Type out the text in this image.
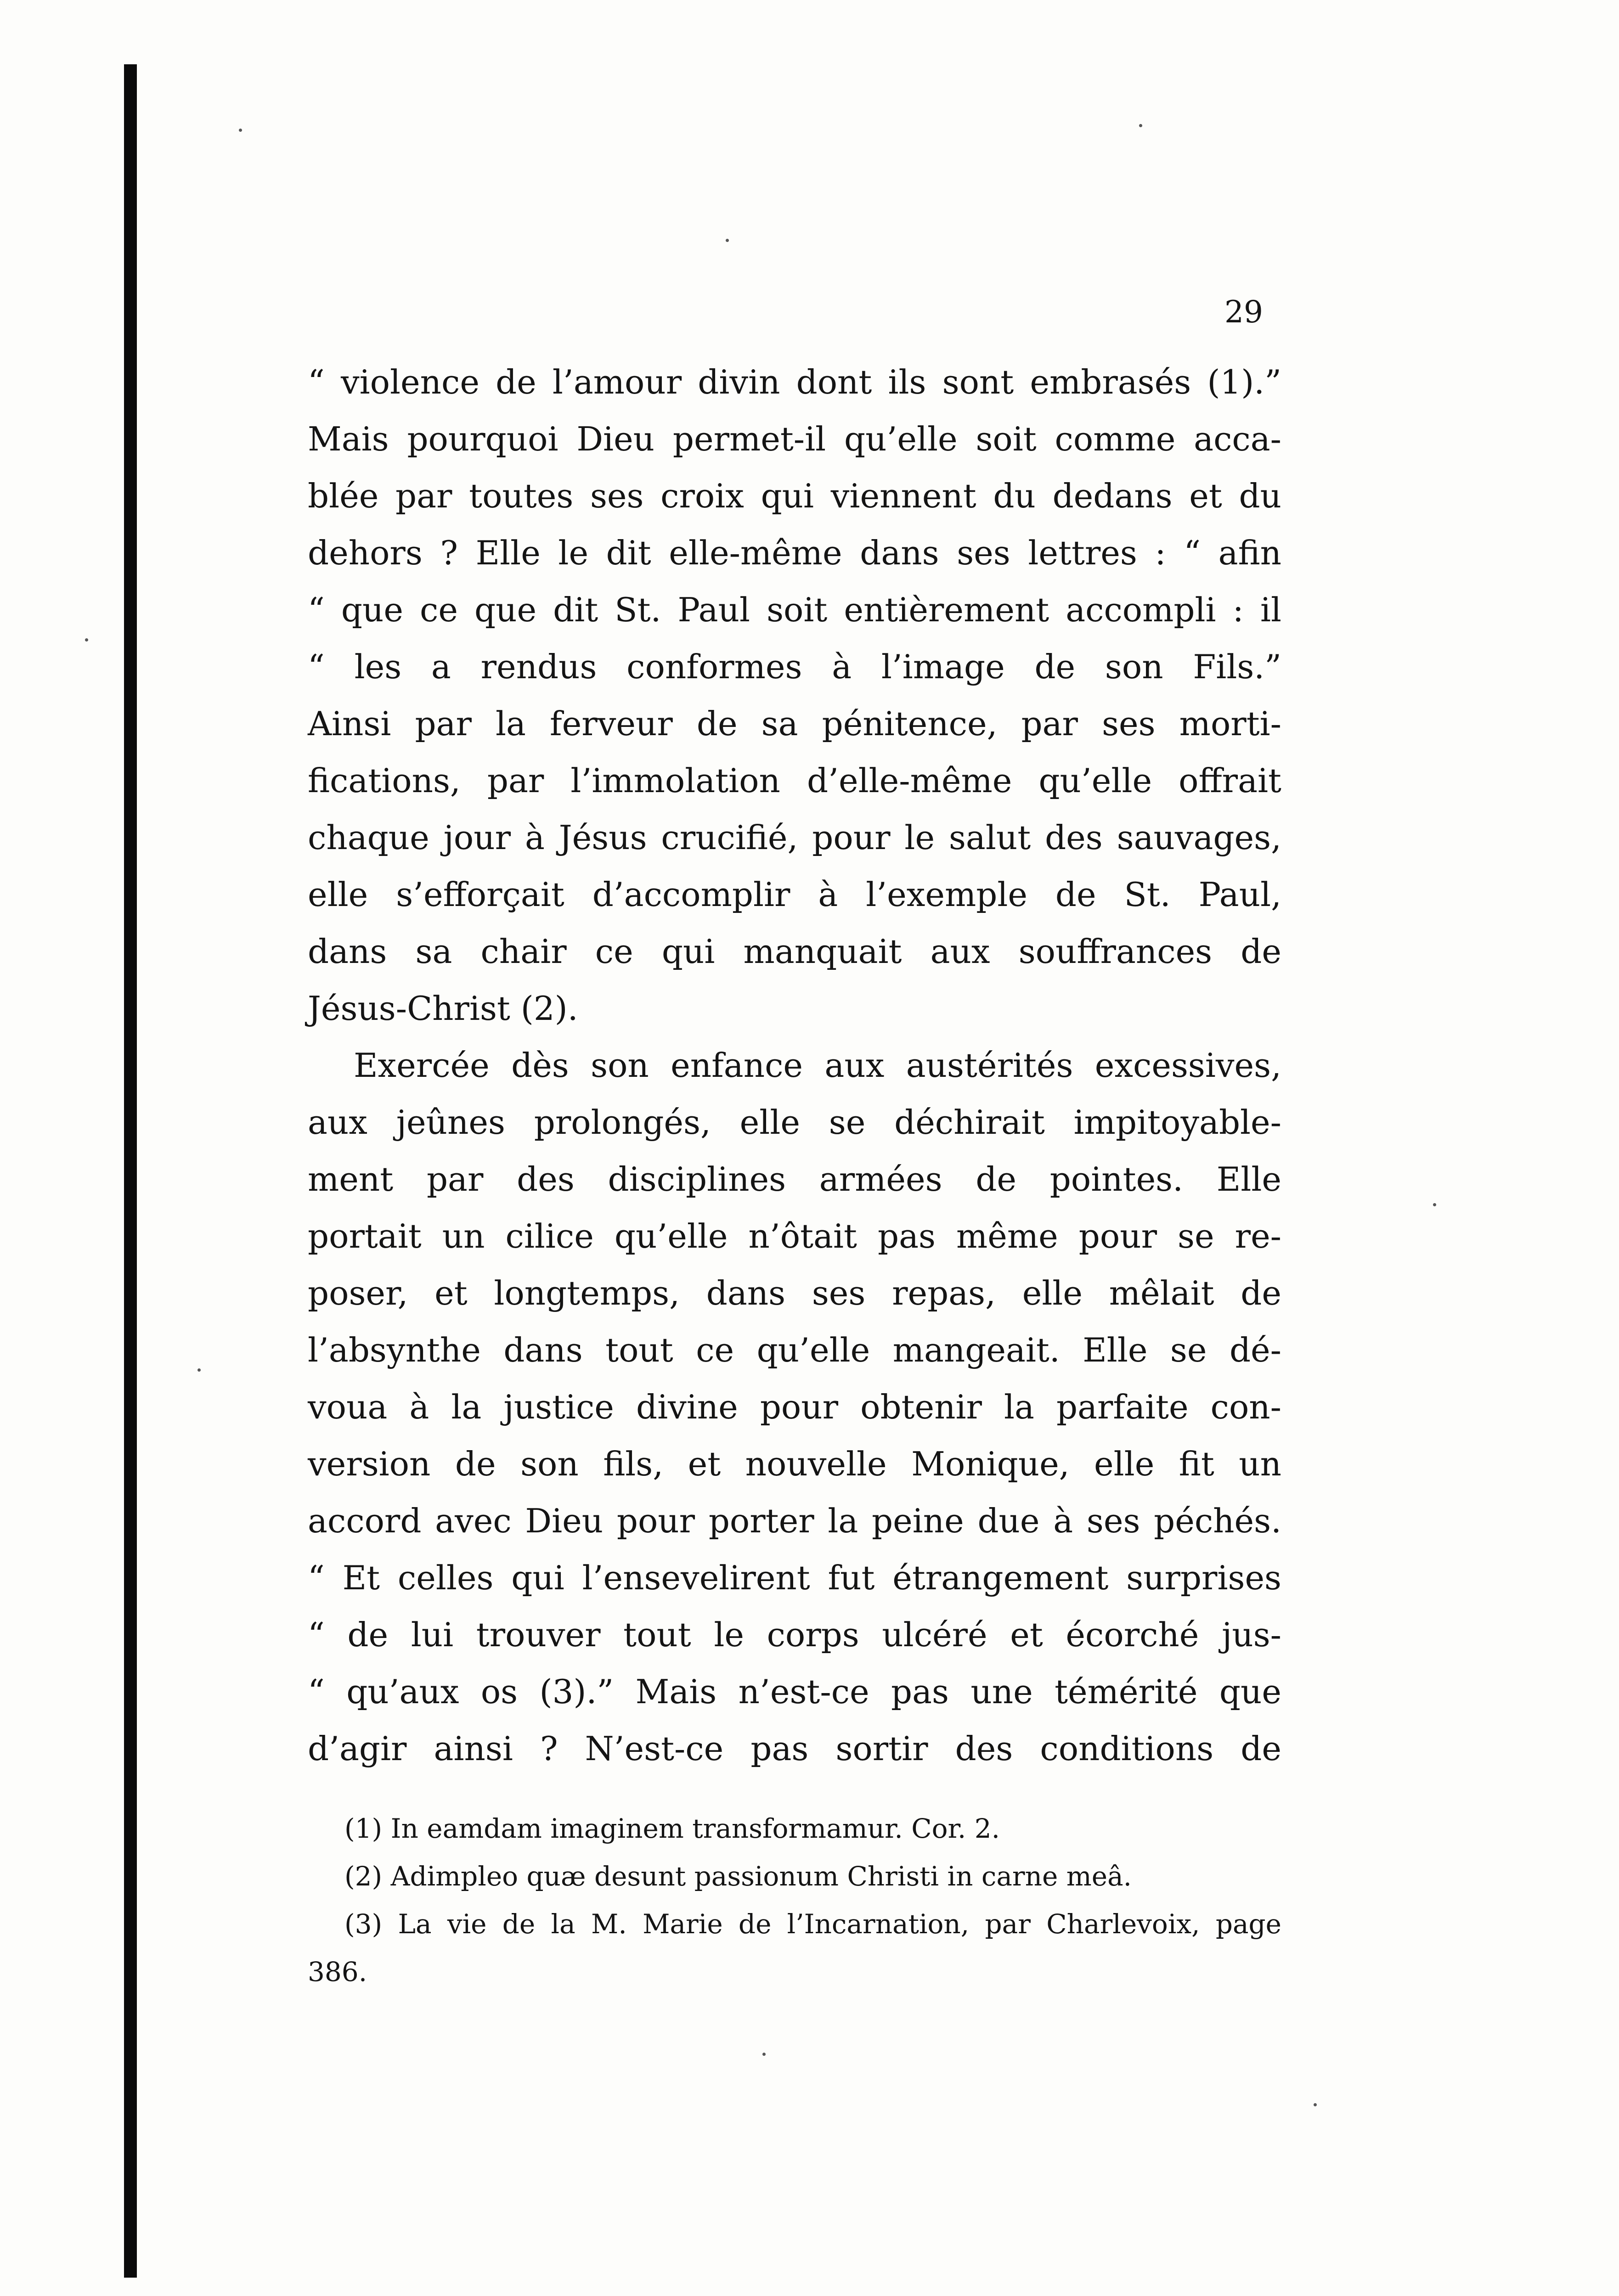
29
“ violence de l’amour divin dont ils sont embrasés (1).”
Mais pourquoi Dieu permet-il qu’elle soit comme acca-
blée par toutes ses croix qui viennent du dedans et du
dehors ? Elle le dit elle-même dans ses lettres : “ afin
“ que ce que dit St. Paul soit entièrement accompli : il
“ les a rendus conformes à l’image de son Fils.”
Ainsi par la ferveur de sa pénitence, par ses morti-
fications, par l’immolation d’elle-même qu’elle offrait
chaque jour à Jésus crucifié, pour le salut des sauvages,
elle s’efforçait d’accomplir à l’exemple de St. Paul,
dans sa chair ce qui manquait aux souffrances de
Jésus-Christ (2).
Exercée dès son enfance aux austérités excessives,
aux jeûnes prolongés, elle se déchirait impitoyable-
ment par des disciplines armées de pointes. Elle
portait un cilice qu’elle n’ôtait pas même pour se re-
poser, et longtemps, dans ses repas, elle mêlait de
l’absynthe dans tout ce qu’elle mangeait. Elle se dé-
voua à la justice divine pour obtenir la parfaite con-
version de son fils, et nouvelle Monique, elle fit un
accord avec Dieu pour porter la peine due à ses péchés.
“ Et celles qui l’ensevelirent fut étrangement surprises
“ de lui trouver tout le corps ulcéré et écorché jus-
“ qu’aux os (3).” Mais n’est-ce pas une témérité que
d’agir ainsi ? N’est-ce pas sortir des conditions de
(1) In eamdam imaginem transformamur. Cor. 2.
(2) Adimpleo quæ desunt passionum Christi in carne meâ.
(3) La vie de la M. Marie de l’Incarnation, par Charlevoix, page
386.
